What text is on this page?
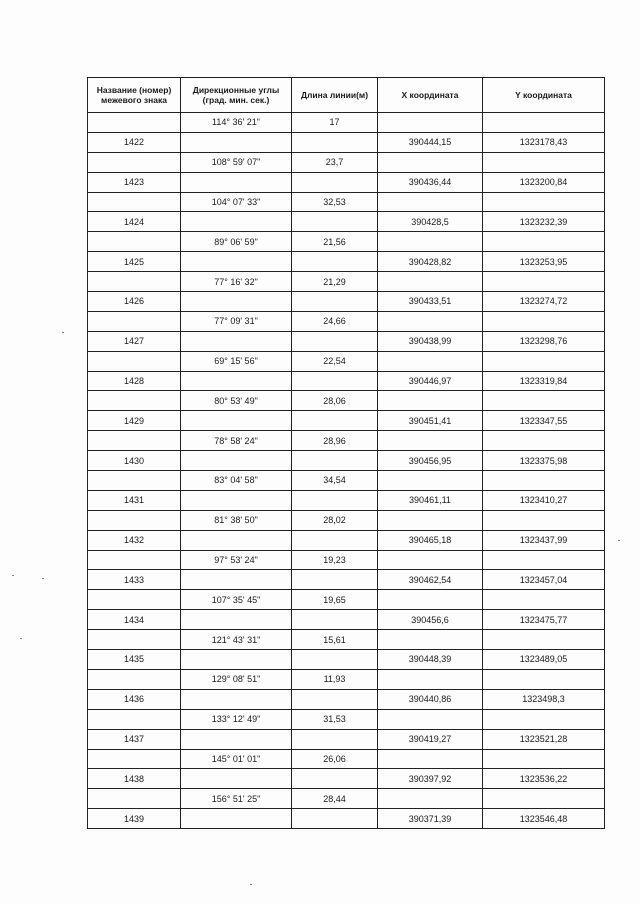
Название (номер) межевого знака	Дирекционные углы (град. мин. сек.)	Длина линии(м)	X координата	Y координата
	114° 36' 21"	17		
1422			390444,15	1323178,43
	108° 59' 07"	23,7		
1423			390436,44	1323200,84
	104° 07' 33"	32,53		
1424			390428,5	1323232,39
	89° 06' 59"	21,56		
1425			390428,82	1323253,95
	77° 16' 32"	21,29		
1426			390433,51	1323274,72
	77° 09' 31"	24,66		
1427			390438,99	1323298,76
	69° 15' 56"	22,54		
1428			390446,97	1323319,84
	80° 53' 49"	28,06		
1429			390451,41	1323347,55
	78° 58' 24"	28,96		
1430			390456,95	1323375,98
	83° 04' 58"	34,54		
1431			390461,11	1323410,27
	81° 38' 50"	28,02		
1432			390465,18	1323437,99
	97° 53' 24"	19,23		
1433			390462,54	1323457,04
	107° 35' 45"	19,65		
1434			390456,6	1323475,77
	121° 43' 31"	15,61		
1435			390448,39	1323489,05
	129° 08' 51"	11,93		
1436			390440,86	1323498,3
	133° 12' 49"	31,53		
1437			390419,27	1323521,28
	145° 01' 01"	26,06		
1438			390397,92	1323536,22
	156° 51' 25"	28,44		
1439			390371,39	1323546,48
